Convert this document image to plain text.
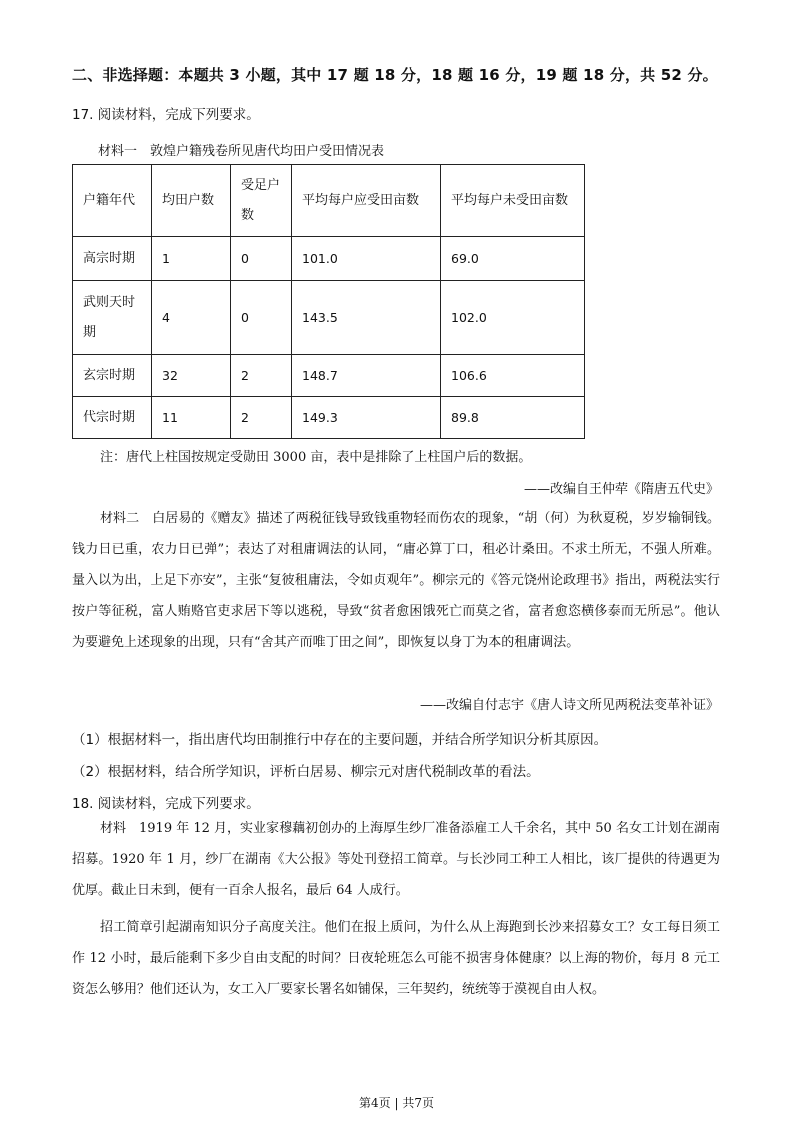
二、非选择题：本题共 3 小题，其中 17 题 18 分，18 题 16 分，19 题 18 分，共 52 分。
17. 阅读材料，完成下列要求。
材料一　敦煌户籍残卷所见唐代均田户受田情况表
户籍年代	均田户数	受足户数	平均每户应受田亩数	平均每户未受田亩数
高宗时期	1	0	101.0	69.0
武则天时期	4	0	143.5	102.0
玄宗时期	32	2	148.7	106.6
代宗时期	11	2	149.3	89.8
注：唐代上柱国按规定受勋田 3000 亩，表中是排除了上柱国户后的数据。
——改编自王仲荦《隋唐五代史》
材料二　 白居易的《赠友》描述了两税征钱导致钱重物轻而伤农的现象，“胡（何）为秋夏税，岁岁输铜钱。钱力日已重，农力日已弹”；表达了对租庸调法的认同，“庸必算丁口，租必计桑田。不求土所无，不强人所难。量入以为出，上足下亦安”，主张“复彼租庸法，令如贞观年”。柳宗元的《答元饶州论政理书》指出，两税法实行按户等征税，富人贿赂官吏求居下等以逃税，导致“贫者愈困饿死亡而莫之省，富者愈恣横侈泰而无所忌”。他认为要避免上述现象的出现，只有“舍其产而唯丁田之间”，即恢复以身丁为本的租庸调法。
——改编自付志宇《唐人诗文所见两税法变革补证》
（1）根据材料一，指出唐代均田制推行中存在的主要问题，并结合所学知识分析其原因。
（2）根据材料，结合所学知识，评析白居易、柳宗元对唐代税制改革的看法。
18. 阅读材料，完成下列要求。
材料　1919 年 12 月，实业家穆藕初创办的上海厚生纱厂准备添雇工人千余名，其中 50 名女工计划在湖南招募。1920 年 1 月，纱厂在湖南《大公报》等处刊登招工简章。与长沙同工种工人相比，该厂提供的待遇更为优厚。截止日未到，便有一百余人报名，最后 64 人成行。
招工简章引起湖南知识分子高度关注。他们在报上质问，为什么从上海跑到长沙来招募女工？女工每日须工作 12 小时，最后能剩下多少自由支配的时间？日夜轮班怎么可能不损害身体健康？以上海的物价，每月 8 元工资怎么够用？他们还认为，女工入厂要家长署名如铺保，三年契约，统统等于漠视自由人权。
第4页 | 共7页
